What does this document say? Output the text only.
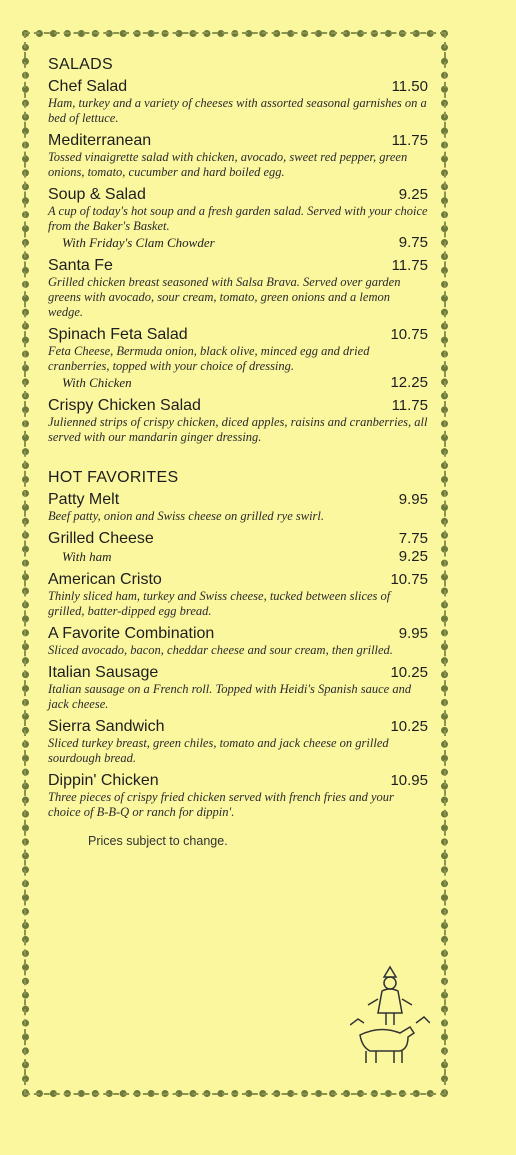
SALADS
Chef Salad	11.50
Ham, turkey and a variety of cheeses with assorted seasonal garnishes on a bed of lettuce.
Mediterranean	11.75
Tossed vinaigrette salad with chicken, avocado, sweet red pepper, green onions, tomato, cucumber and hard boiled egg.
Soup & Salad	9.25
A cup of today's hot soup and a fresh garden salad. Served with your choice from the Baker's Basket.
With Friday's Clam Chowder	9.75
Santa Fe	11.75
Grilled chicken breast seasoned with Salsa Brava. Served over garden greens with avocado, sour cream, tomato, green onions and a lemon wedge.
Spinach Feta Salad	10.75
Feta Cheese, Bermuda onion, black olive, minced egg and dried cranberries, topped with your choice of dressing.
With Chicken	12.25
Crispy Chicken Salad	11.75
Julienned strips of crispy chicken, diced apples, raisins and cranberries, all served with our mandarin ginger dressing.
HOT FAVORITES
Patty Melt	9.95
Beef patty, onion and Swiss cheese on grilled rye swirl.
Grilled Cheese	7.75
With ham	9.25
American Cristo	10.75
Thinly sliced ham, turkey and Swiss cheese, tucked between slices of grilled, batter-dipped egg bread.
A Favorite Combination	9.95
Sliced avocado, bacon, cheddar cheese and sour cream, then grilled.
Italian Sausage	10.25
Italian sausage on a French roll. Topped with Heidi's Spanish sauce and jack cheese.
Sierra Sandwich	10.25
Sliced turkey breast, green chiles, tomato and jack cheese on grilled sourdough bread.
Dippin' Chicken	10.95
Three pieces of crispy fried chicken served with french fries and your choice of B-B-Q or ranch for dippin'.
Prices subject to change.
